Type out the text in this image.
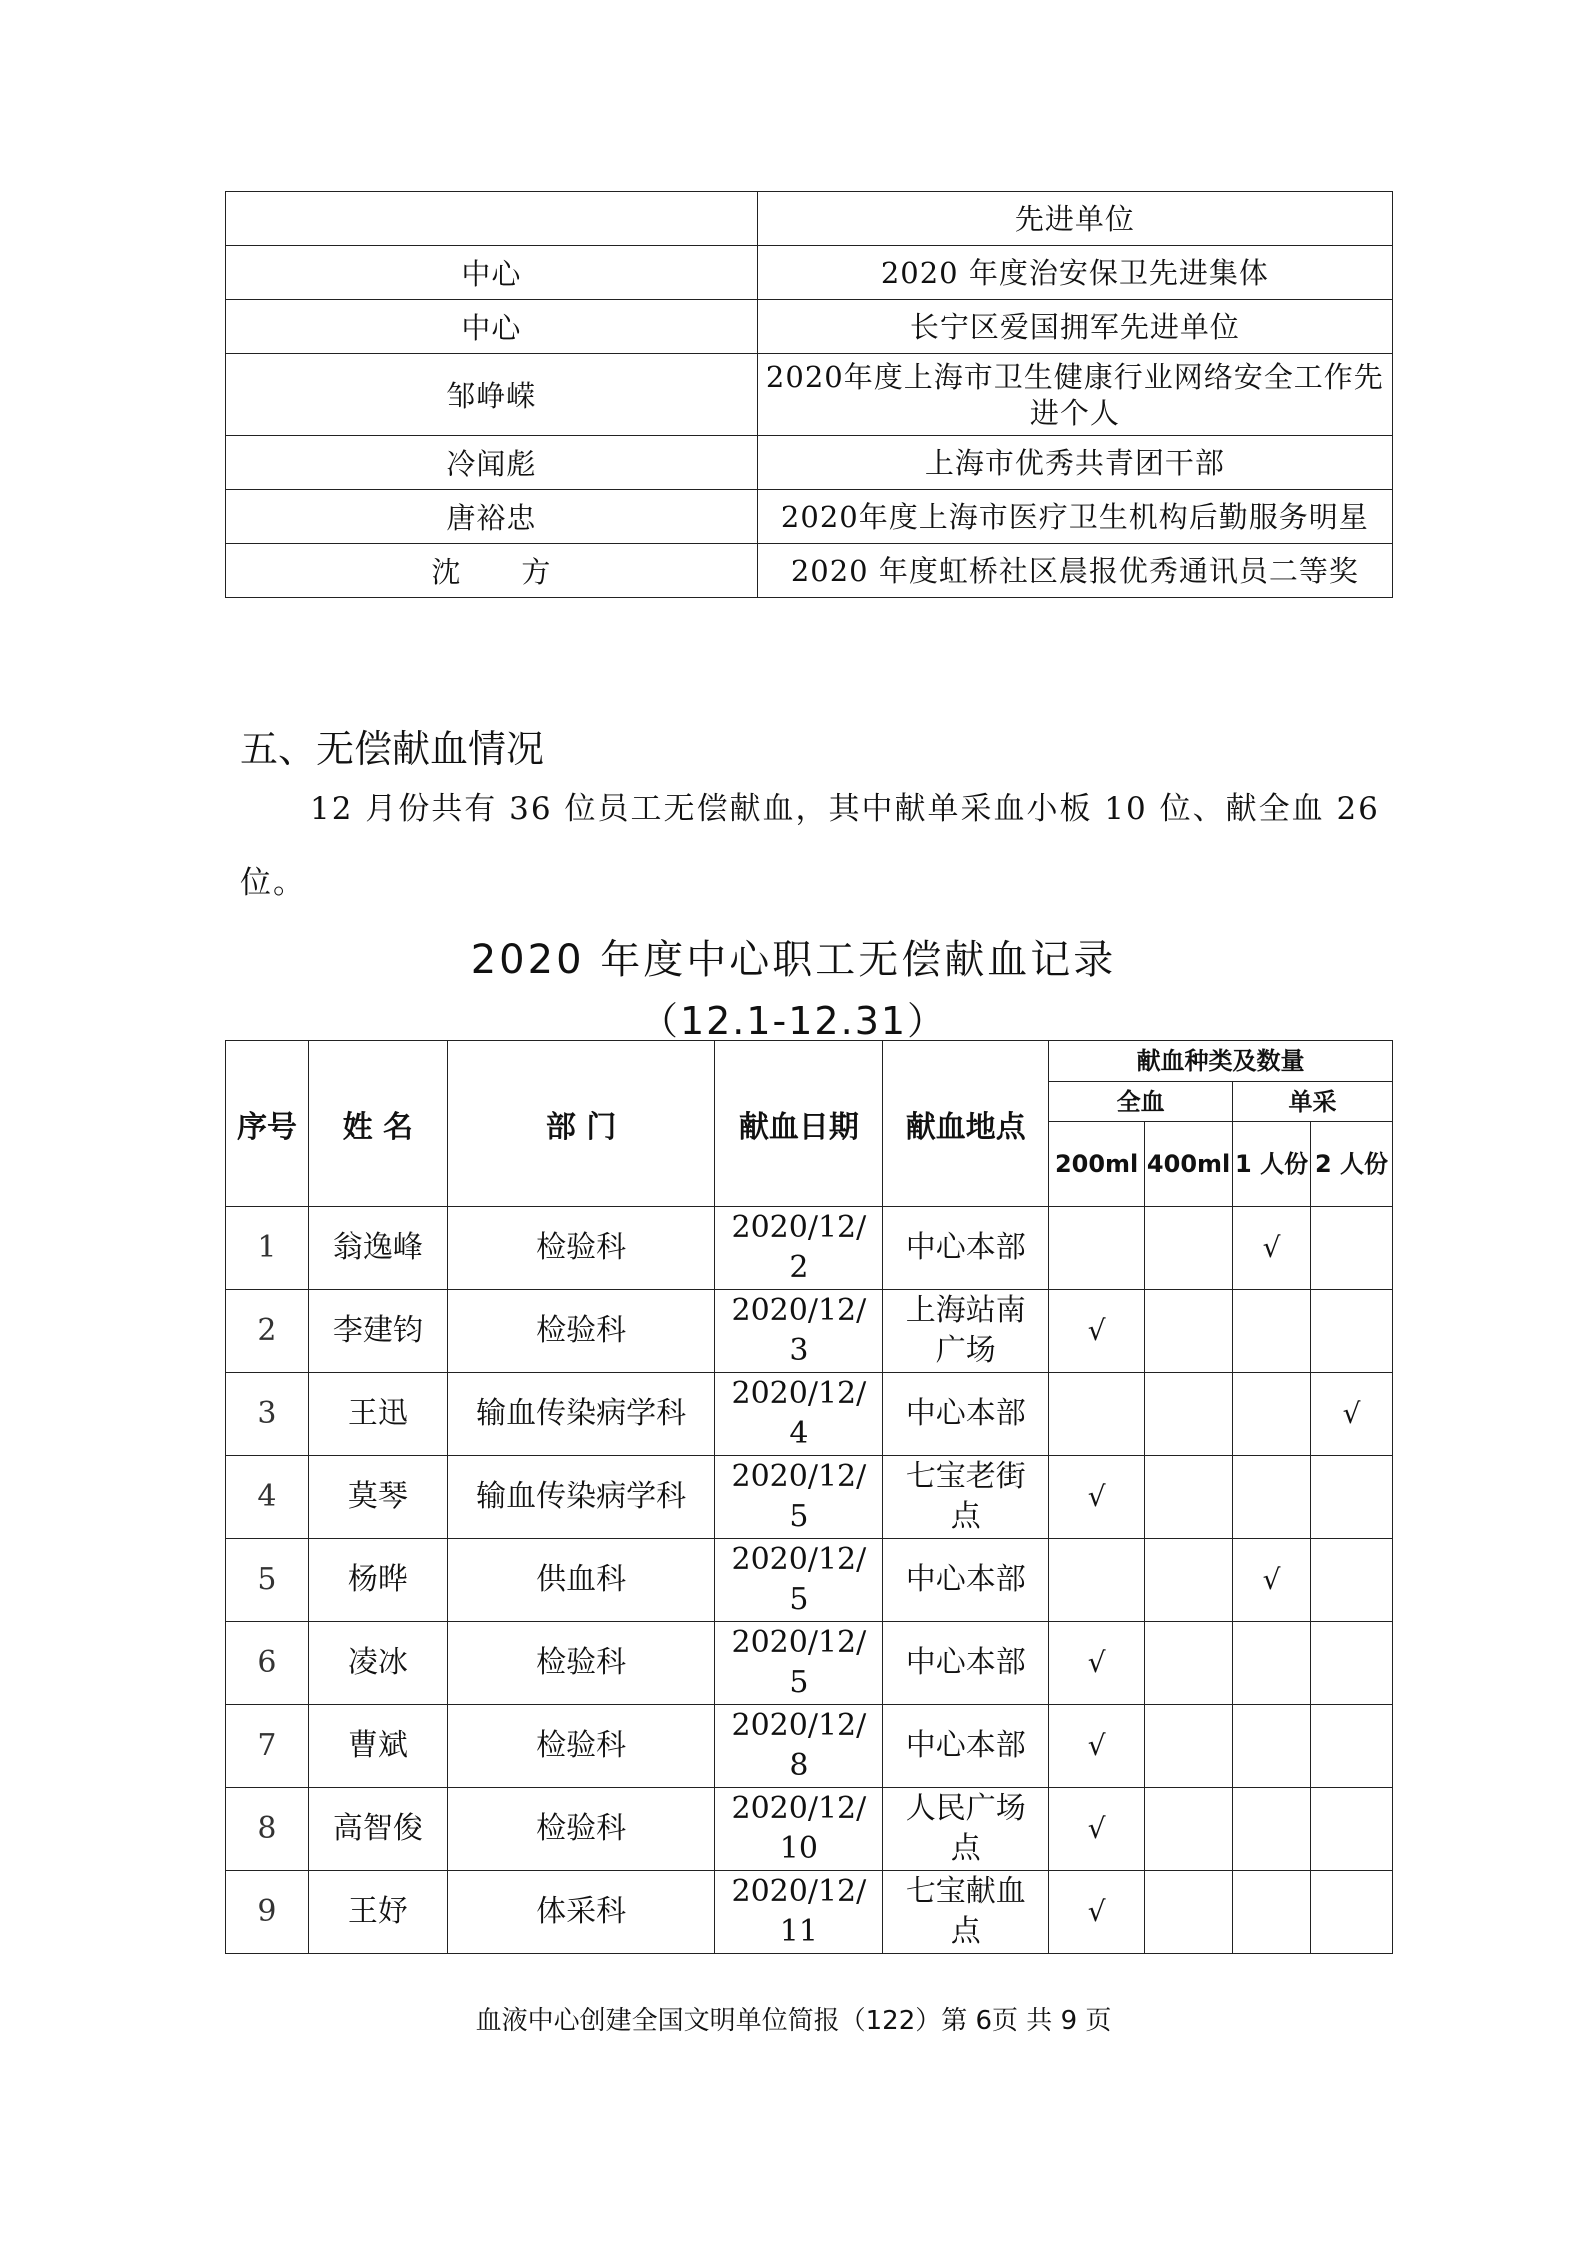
	先进单位
中心	2020 年度治安保卫先进集体
中心	长宁区爱国拥军先进单位
邹峥嵘	2020年度上海市卫生健康行业网络安全工作先进个人
冷闻彪	上海市优秀共青团干部
唐裕忠	2020年度上海市医疗卫生机构后勤服务明星
沈　　方	2020 年度虹桥社区晨报优秀通讯员二等奖
五、无偿献血情况

12 月份共有 36 位员工无偿献血，其中献单采血小板 10 位、献全血 26 位。

2020 年度中心职工无偿献血记录
（12.1-12.31）
序号	姓 名	部 门	献血日期	献血地点	献血种类及数量			
					全血		单采	
					200ml	400ml	1 人份	2 人份
1	翁逸峰	检验科	2020/12/2	中心本部			√	
2	李建钧	检验科	2020/12/3	上海站南广场	√			
3	王迅	输血传染病学科	2020/12/4	中心本部				√
4	莫琴	输血传染病学科	2020/12/5	七宝老街点	√			
5	杨晔	供血科	2020/12/5	中心本部			√	
6	凌冰	检验科	2020/12/5	中心本部	√			
7	曹斌	检验科	2020/12/8	中心本部	√			
8	高智俊	检验科	2020/12/10	人民广场点	√			
9	王妤	体采科	2020/12/11	七宝献血点	√			
血液中心创建全国文明单位简报（122）第 6页 共 9 页
